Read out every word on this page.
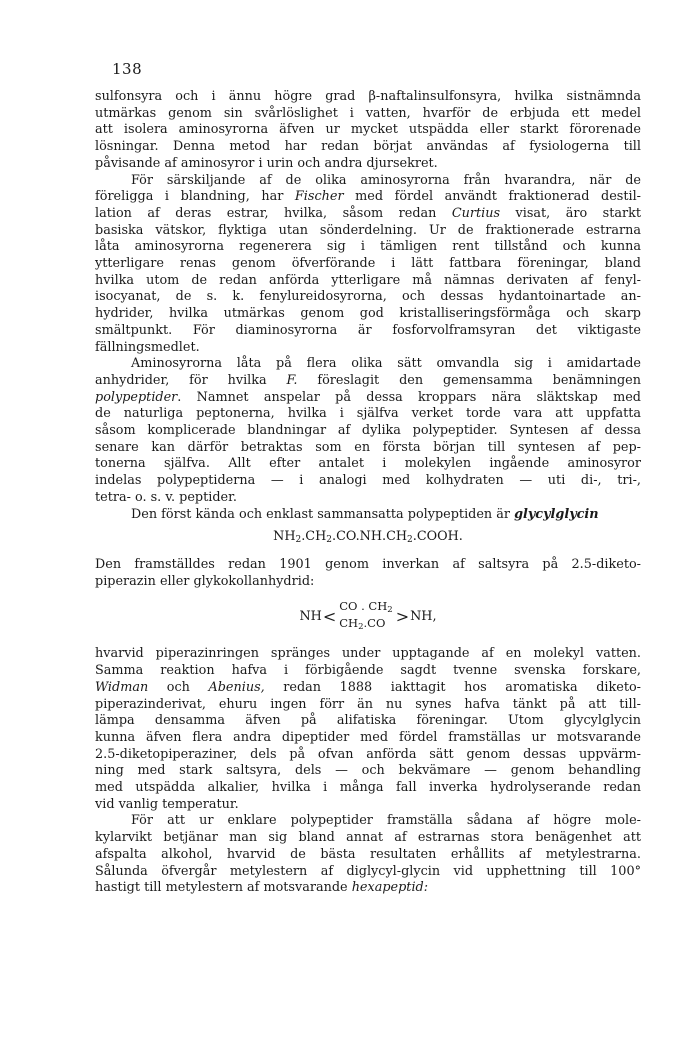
138
sulfonsyra och i ännu högre grad β-naftalinsulfonsyra, hvilka sistnämnda
utmärkas genom sin svårlöslighet i vatten, hvarför de erbjuda ett medel
att isolera aminosyrorna äfven ur mycket utspädda eller starkt förorenade
lösningar. Denna metod har redan börjat användas af fysiologerna till
påvisande af aminosyror i urin och andra djursekret.
För särskiljande af de olika aminosyrorna från hvarandra, när de
föreligga i blandning, har Fischer med fördel användt fraktionerad destil-
lation af deras estrar, hvilka, såsom redan Curtius visat, äro starkt
basiska vätskor, flyktiga utan sönderdelning. Ur de fraktionerade estrarna
låta aminosyrorna regenerera sig i tämligen rent tillstånd och kunna
ytterligare renas genom öfverförande i lätt fattbara föreningar, bland
hvilka utom de redan anförda ytterligare må nämnas derivaten af fenyl-
isocyanat, de s. k. fenylureidosyrorna, och dessas hydantoinartade an-
hydrider, hvilka utmärkas genom god kristalliseringsförmåga och skarp
smältpunkt. För diaminosyrorna är fosforvolframsyran det viktigaste
fällningsmedlet.
Aminosyrorna låta på flera olika sätt omvandla sig i amidartade
anhydrider, för hvilka F. föreslagit den gemensamma benämningen
polypeptider. Namnet anspelar på dessa kroppars nära släktskap med
de naturliga peptonerna, hvilka i själfva verket torde vara att uppfatta
såsom komplicerade blandningar af dylika polypeptider. Syntesen af dessa
senare kan därför betraktas som en första början till syntesen af pep-
tonerna själfva. Allt efter antalet i molekylen ingående aminosyror
indelas polypeptiderna — i analogi med kolhydraten — uti di-, tri-,
tetra- o. s. v. peptider.
Den först kända och enklast sammansatta polypeptiden är glycylglycin
$NH_2.CH_2.CO.NH.CH_2.COOH$.
Den framställdes redan 1901 genom inverkan af saltsyra på 2.5-diketo-
piperazin eller glykokollanhydrid:
NH <
CO . $CH_2$
$CH_2.CO$ > NH,
hvarvid piperazinringen spränges under upptagande af en molekyl vatten.
Samma reaktion hafva i förbigående sagdt tvenne svenska forskare,
Widman och Abenius, redan 1888 iakttagit hos aromatiska diketo-
piperazinderivat, ehuru ingen förr än nu synes hafva tänkt på att till-
lämpa densamma äfven på alifatiska föreningar. Utom glycylglycin
kunna äfven flera andra dipeptider med fördel framställas ur motsvarande
2.5-diketopiperaziner, dels på ofvan anförda sätt genom dessas uppvärm-
ning med stark saltsyra, dels — och bekvämare — genom behandling
med utspädda alkalier, hvilka i många fall inverka hydrolyserande redan
vid vanlig temperatur.
För att ur enklare polypeptider framställa sådana af högre mole-
kylarvikt betjänar man sig bland annat af estrarnas stora benägenhet att
afspalta alkohol, hvarvid de bästa resultaten erhållits af metylestrarna.
Sålunda öfvergår metylestern af diglycyl-glycin vid upphettning till 100°
hastigt till metylestern af motsvarande hexapeptid:
